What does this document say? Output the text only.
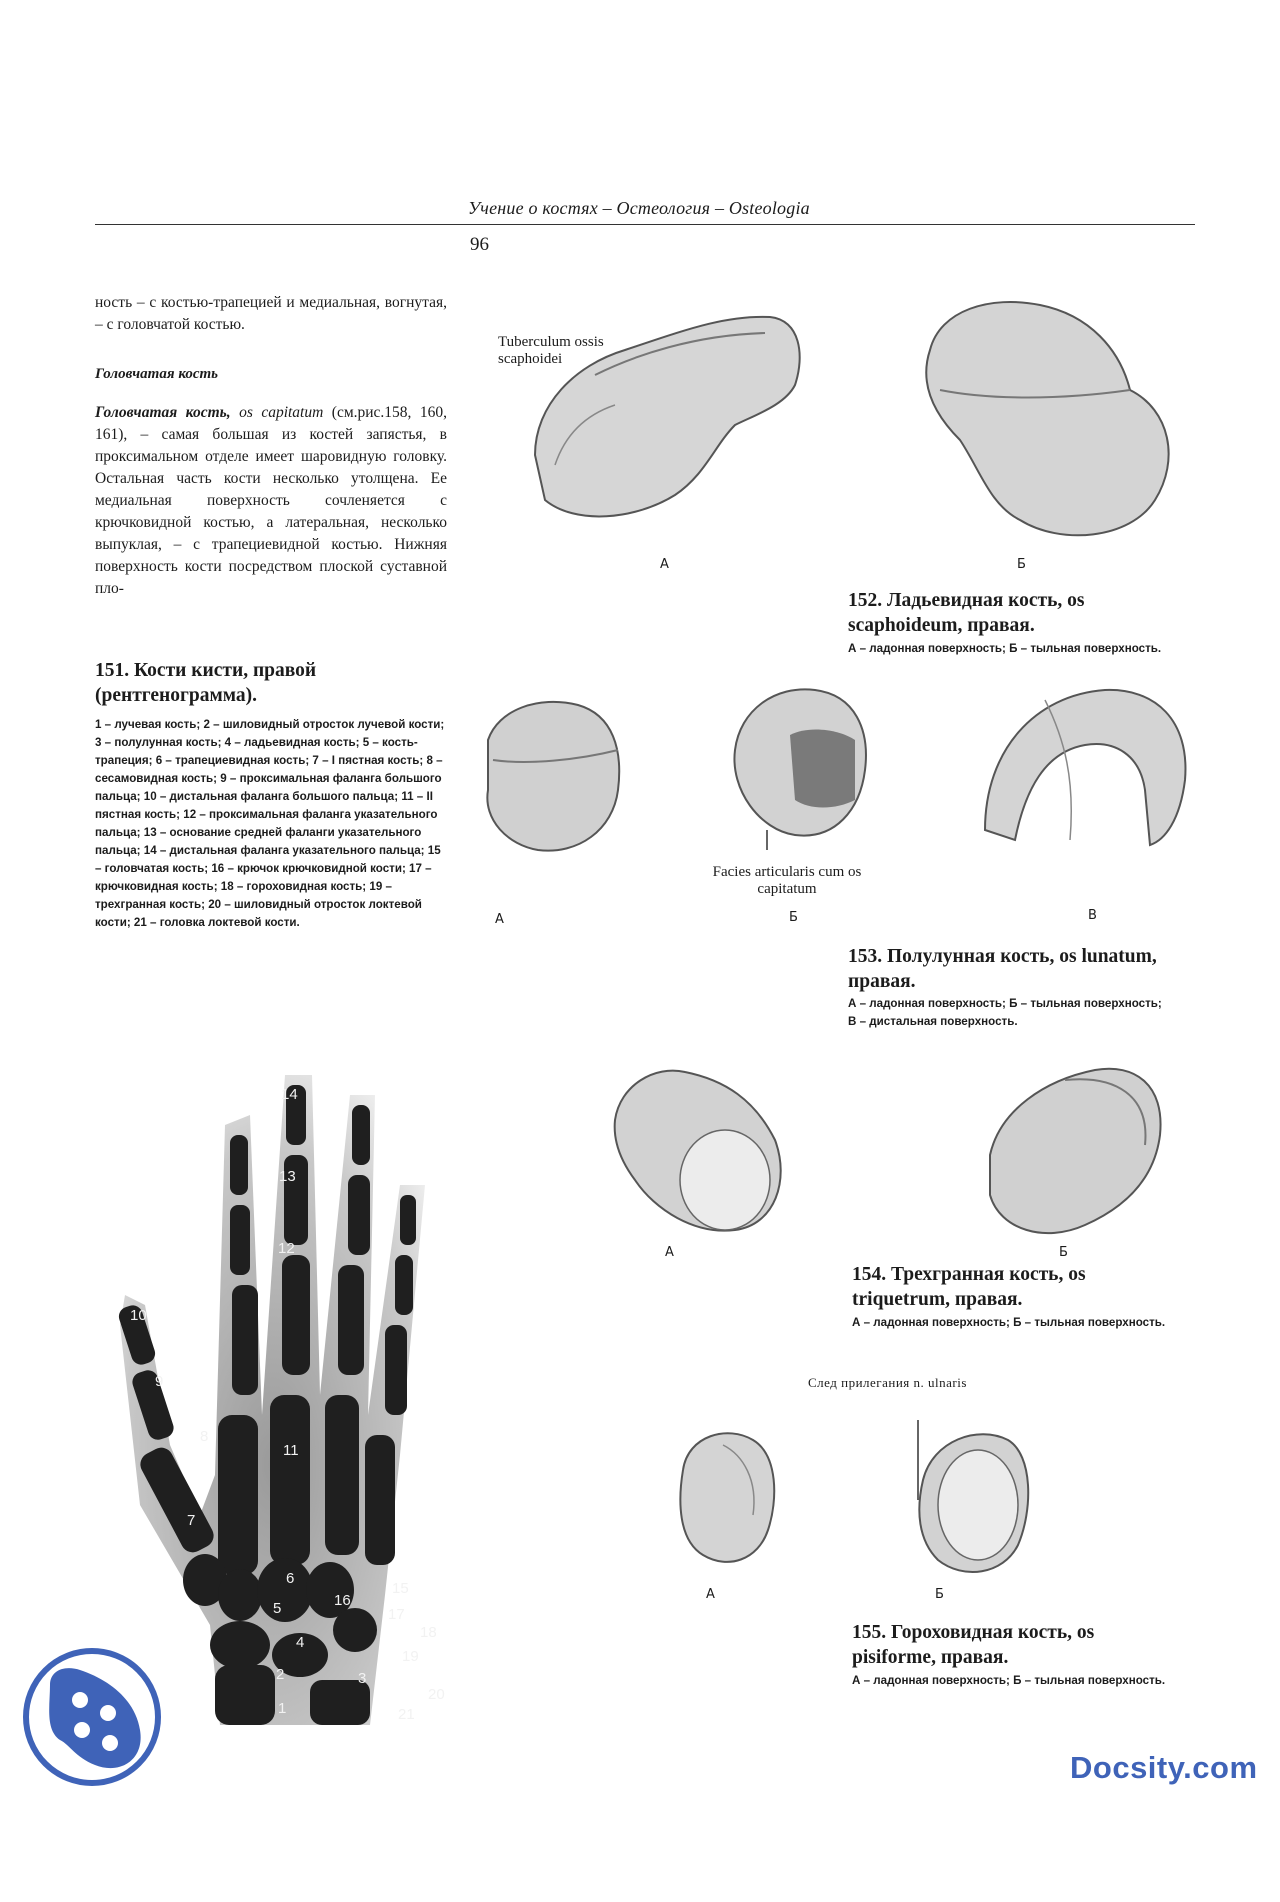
Учение о костях – Остеология – Osteologia
96
ность – с костью-трапецией и медиальная, вогнутая, – с головчатой костью.
Головчатая кость
Головчатая кость, os capitatum (см.рис.158, 160, 161), – самая большая из костей запястья, в проксимальном отделе имеет шаровидную головку. Остальная часть кости несколько утолщена. Ее медиальная поверхность сочленяется с крючковидной костью, а латеральная, несколько выпуклая, – с трапециевидной костью. Нижняя поверхность кости посредством плоской суставной пло-
151. Кости кисти, правой (рентгенограмма).
1 – лучевая кость; 2 – шиловидный отросток лучевой кости; 3 – полулунная кость; 4 – ладьевидная кость; 5 – кость-трапеция; 6 – трапециевидная кость; 7 – I пястная кость; 8 – сесамовидная кость; 9 – проксимальная фаланга большого пальца; 10 – дистальная фаланга большого пальца; 11 – II пястная кость; 12 – проксимальная фаланга указательного пальца; 13 – основание средней фаланги указательного пальца; 14 – дистальная фаланга указательного пальца; 15 – головчатая кость; 16 – крючок крючковидной кости; 17 – крючковидная кость; 18 – гороховидная кость; 19 – трехгранная кость; 20 – шиловидный отросток локтевой кости; 21 – головка локтевой кости.
14
13
12
10
9
8
11
7
6
16
15
5	17
18
4
19
2	3
20
1	21
Tuberculum ossis scaphoidei
А	Б
152. Ладьевидная кость, os scaphoideum, правая.
А – ладонная поверхность; Б – тыльная поверхность.
А
Facies articularis cum os capitatum
Б	В
153. Полулунная кость, os lunatum, правая.
А – ладонная поверхность; Б – тыльная поверхность; В – дистальная поверхность.
А	Б
154. Трехгранная кость, os triquetrum, правая.
А – ладонная поверхность; Б – тыльная поверхность.
След прилегания n. ulnaris
А	Б
155. Гороховидная кость, os pisiforme, правая.
А – ладонная поверхность; Б – тыльная поверхность.
Docsity.com
